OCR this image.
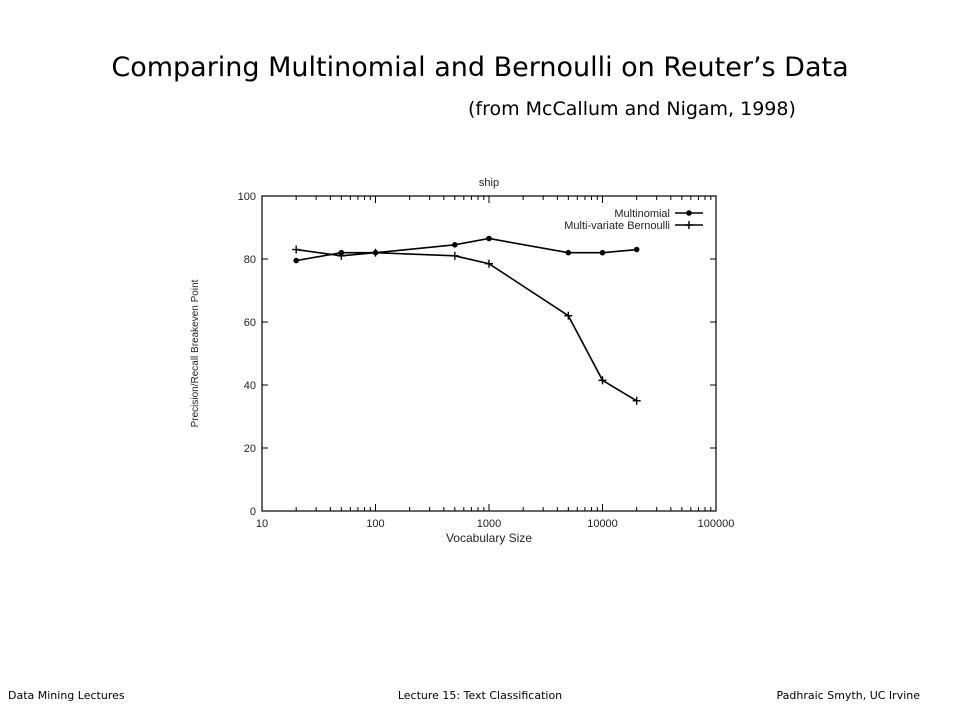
Comparing Multinomial and Bernoulli on Reuter’s Data
(from McCallum and Nigam, 1998)
ship
0
20
40
60
80
100
10	100	1000	10000	100000
Multinomial
Multi-variate Bernoulli
Vocabulary Size
Precision/Recall Breakeven Point
Data Mining Lectures	Lecture 15: Text Classification	Padhraic Smyth, UC Irvine
